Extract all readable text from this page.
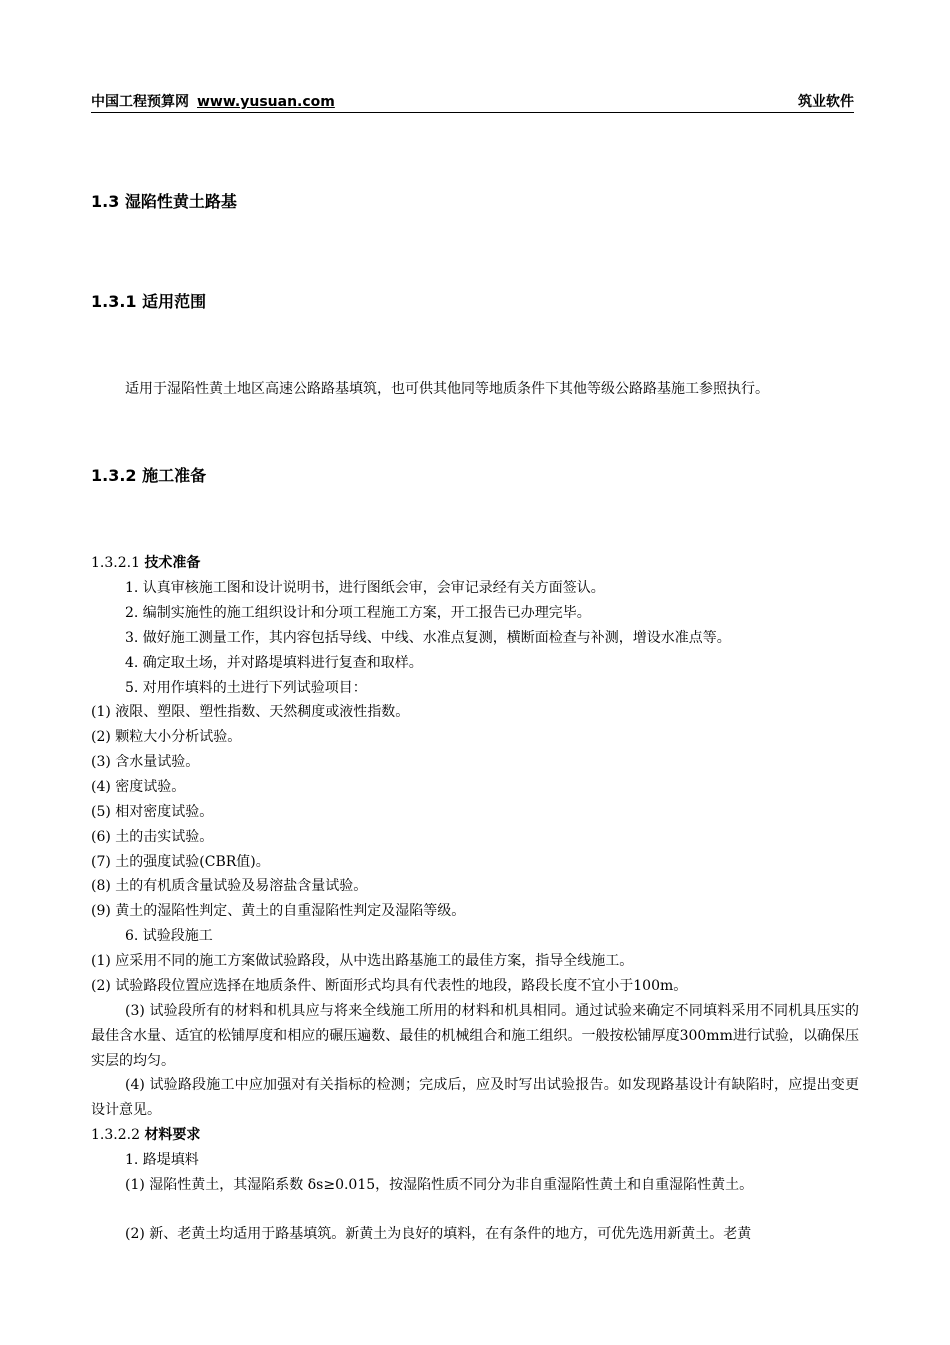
中国工程预算网 www.yusuan.com	筑业软件
1.3 湿陷性黄土路基
1.3.1 适用范围

适用于湿陷性黄土地区高速公路路基填筑，也可供其他同等地质条件下其他等级公路路基施工参照执行。

1.3.2 施工准备

1.3.2.1 技术准备

1. 认真审核施工图和设计说明书，进行图纸会审，会审记录经有关方面签认。

2. 编制实施性的施工组织设计和分项工程施工方案，开工报告已办理完毕。

3. 做好施工测量工作，其内容包括导线、中线、水准点复测，横断面检查与补测，增设水准点等。

4. 确定取土场，并对路堤填料进行复查和取样。

5. 对用作填料的土进行下列试验项目：

(1) 液限、塑限、塑性指数、天然稠度或液性指数。

(2) 颗粒大小分析试验。

(3) 含水量试验。

(4) 密度试验。

(5) 相对密度试验。

(6) 土的击实试验。

(7) 土的强度试验(CBR值)。

(8) 土的有机质含量试验及易溶盐含量试验。

(9) 黄土的湿陷性判定、黄土的自重湿陷性判定及湿陷等级。

6. 试验段施工

(1) 应采用不同的施工方案做试验路段，从中选出路基施工的最佳方案，指导全线施工。

(2) 试验路段位置应选择在地质条件、断面形式均具有代表性的地段，路段长度不宜小于100m。

(3) 试验段所有的材料和机具应与将来全线施工所用的材料和机具相同。通过试验来确定不同填料采用不同机具压实的最佳含水量、适宜的松铺厚度和相应的碾压遍数、最佳的机械组合和施工组织。一般按松铺厚度300mm进行试验，以确保压实层的均匀。

(4) 试验路段施工中应加强对有关指标的检测；完成后，应及时写出试验报告。如发现路基设计有缺陷时，应提出变更设计意见。

1.3.2.2 材料要求

1. 路堤填料

(1) 湿陷性黄土，其湿陷系数 δs≥0.015，按湿陷性质不同分为非自重湿陷性黄土和自重湿陷性黄土。

(2) 新、老黄土均适用于路基填筑。新黄土为良好的填料，在有条件的地方，可优先选用新黄土。老黄
